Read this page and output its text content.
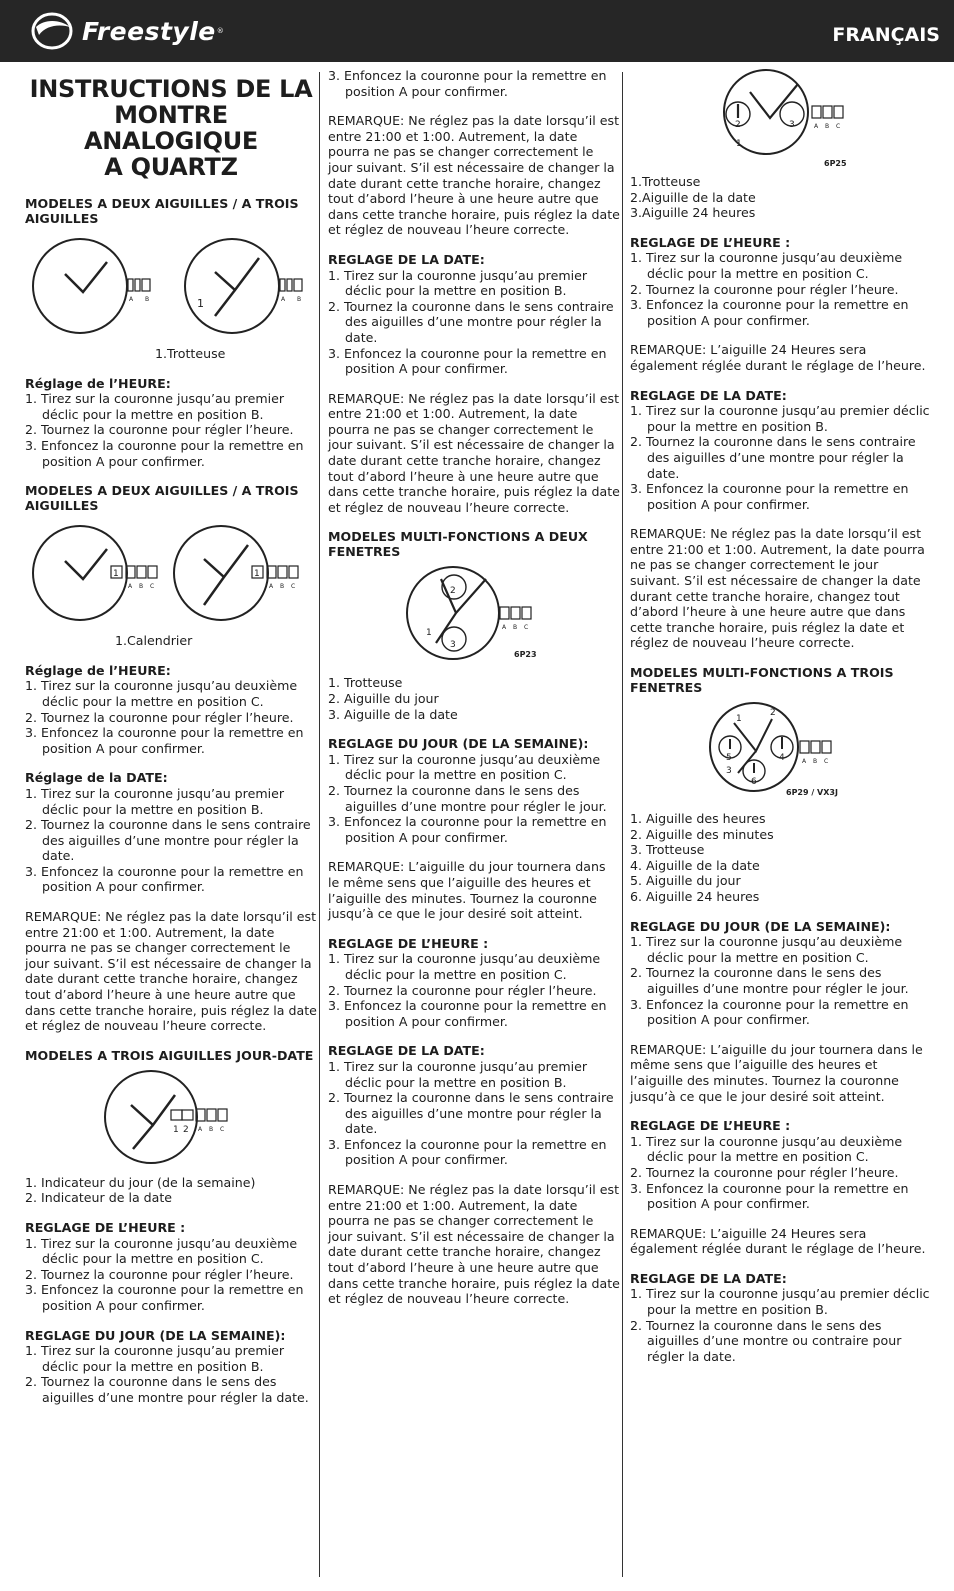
Freestyle ®	FRANÇAIS
INSTRUCTIONS DE LA
MONTRE ANALOGIQUE
A QUARTZ

MODELES A DEUX AIGUILLES / A TROIS AIGUILLES

A B	1	A B

1.Trotteuse

Réglage de l’HEURE:

1. Tirez sur la couronne jusqu’au premier déclic pour la mettre en position B.
2. Tournez la couronne pour régler l’heure.
3. Enfoncez la couronne pour la remettre en position A pour confirmer.

MODELES A DEUX AIGUILLES / A TROIS AIGUILLES

1
A B C
1
A B C

1.Calendrier

Réglage de l’HEURE:

1. Tirez sur la couronne jusqu’au deuxième déclic pour la mettre en position C.
2. Tournez la couronne pour régler l’heure.
3. Enfoncez la couronne pour la remettre en position A pour confirmer.

Réglage de la DATE:

1. Tirez sur la couronne jusqu’au premier déclic pour la mettre en position B.
2. Tournez la couronne dans le sens contraire des aiguilles d’une montre pour régler la date.
3. Enfoncez la couronne pour la remettre en position A pour confirmer.

REMARQUE: Ne réglez pas la date lorsqu’il est entre 21:00 et 1:00. Autrement, la date pourra ne pas se changer correctement le jour suivant. S’il est nécessaire de changer la date durant cette tranche horaire, changez tout d’abord l’heure à une heure autre que dans cette tranche horaire, puis réglez la date et réglez de nouveau l’heure correcte.

MODELES A TROIS AIGUILLES JOUR-DATE

1 2 A B C
1. Indicateur du jour (de la semaine)
2. Indicateur de la date

REGLAGE DE L’HEURE :

1. Tirez sur la couronne jusqu’au deuxième déclic pour la mettre en position C.
2. Tournez la couronne pour régler l’heure.
3. Enfoncez la couronne pour la remettre en position A pour confirmer.

REGLAGE DU JOUR (DE LA SEMAINE):

1. Tirez sur la couronne jusqu’au premier déclic pour la mettre en position B.
2. Tournez la couronne dans le sens des aiguilles d’une montre pour régler la date.
3. Enfoncez la couronne pour la remettre en position A pour confirmer.

REMARQUE: Ne réglez pas la date lorsqu’il est entre 21:00 et 1:00. Autrement, la date pourra ne pas se changer correctement le jour suivant. S’il est nécessaire de changer la date durant cette tranche horaire, changez tout d’abord l’heure à une heure autre que dans cette tranche horaire, puis réglez la date et réglez de nouveau l’heure correcte.

REGLAGE DE LA DATE:

1. Tirez sur la couronne jusqu’au premier déclic pour la mettre en position B.
2. Tournez la couronne dans le sens contraire des aiguilles d’une montre pour régler la date.
3. Enfoncez la couronne pour la remettre en position A pour confirmer.

REMARQUE: Ne réglez pas la date lorsqu’il est entre 21:00 et 1:00. Autrement, la date pourra ne pas se changer correctement le jour suivant. S’il est nécessaire de changer la date durant cette tranche horaire, changez tout d’abord l’heure à une heure autre que dans cette tranche horaire, puis réglez la date et réglez de nouveau l’heure correcte.

MODELES MULTI-FONCTIONS A DEUX FENETRES

2
3
1
A B C
6P23
1. Trotteuse
2. Aiguille du jour
3. Aiguille de la date

REGLAGE DU JOUR (DE LA SEMAINE):

1. Tirez sur la couronne jusqu’au deuxième déclic pour la mettre en position C.
2. Tournez la couronne dans le sens des aiguilles d’une montre pour régler le jour.
3. Enfoncez la couronne pour la remettre en position A pour confirmer.

REMARQUE: L’aiguille du jour tournera dans le même sens que l’aiguille des heures et l’aiguille des minutes. Tournez la couronne jusqu’à ce que le jour desiré soit atteint.

REGLAGE DE L’HEURE :

1. Tirez sur la couronne jusqu’au deuxième déclic pour la mettre en position C.
2. Tournez la couronne pour régler l’heure.
3. Enfoncez la couronne pour la remettre en position A pour confirmer.

REGLAGE DE LA DATE:

1. Tirez sur la couronne jusqu’au premier déclic pour la mettre en position B.
2. Tournez la couronne dans le sens contraire des aiguilles d’une montre pour régler la date.
3. Enfoncez la couronne pour la remettre en position A pour confirmer.

REMARQUE: Ne réglez pas la date lorsqu’il est entre 21:00 et 1:00. Autrement, la date pourra ne pas se changer correctement le jour suivant. S’il est nécessaire de changer la date durant cette tranche horaire, changez tout d’abord l’heure à une heure autre que dans cette tranche horaire, puis réglez la date et réglez de nouveau l’heure correcte.

2	3
1
A B C
6P25
1.Trotteuse
2.Aiguille de la date
3.Aiguille 24 heures

REGLAGE DE L’HEURE :

1. Tirez sur la couronne jusqu’au deuxième déclic pour la mettre en position C.
2. Tournez la couronne pour régler l’heure.
3. Enfoncez la couronne pour la remettre en position A pour confirmer.

REMARQUE: L’aiguille 24 Heures sera également réglée durant le réglage de l’heure.

REGLAGE DE LA DATE:

1. Tirez sur la couronne jusqu’au premier déclic pour la mettre en position B.
2. Tournez la couronne dans le sens contraire des aiguilles d’une montre pour régler la date.
3. Enfoncez la couronne pour la remettre en position A pour confirmer.

REMARQUE: Ne réglez pas la date lorsqu’il est entre 21:00 et 1:00. Autrement, la date pourra ne pas se changer correctement le jour suivant. S’il est nécessaire de changer la date durant cette tranche horaire, changez tout d’abord l’heure à une heure autre que dans cette tranche horaire, puis réglez la date et réglez de nouveau l’heure correcte.

MODELES MULTI-FONCTIONS A TROIS FENETRES

1
2
3
4
5
6
A B C
6P29 / VX3J
1. Aiguille des heures
2. Aiguille des minutes
3. Trotteuse
4. Aiguille de la date
5. Aiguille du jour
6. Aiguille 24 heures

REGLAGE DU JOUR (DE LA SEMAINE):

1. Tirez sur la couronne jusqu’au deuxième déclic pour la mettre en position C.
2. Tournez la couronne dans le sens des aiguilles d’une montre pour régler le jour.
3. Enfoncez la couronne pour la remettre en position A pour confirmer.

REMARQUE: L’aiguille du jour tournera dans le même sens que l’aiguille des heures et l’aiguille des minutes. Tournez la couronne jusqu’à ce que le jour desiré soit atteint.

REGLAGE DE L’HEURE :

1. Tirez sur la couronne jusqu’au deuxième déclic pour la mettre en position C.
2. Tournez la couronne pour régler l’heure.
3. Enfoncez la couronne pour la remettre en position A pour confirmer.

REMARQUE: L’aiguille 24 Heures sera également réglée durant le réglage de l’heure.

REGLAGE DE LA DATE:

1. Tirez sur la couronne jusqu’au premier déclic pour la mettre en position B.
2. Tournez la couronne dans le sens des aiguilles d’une montre ou contraire pour régler la date.
